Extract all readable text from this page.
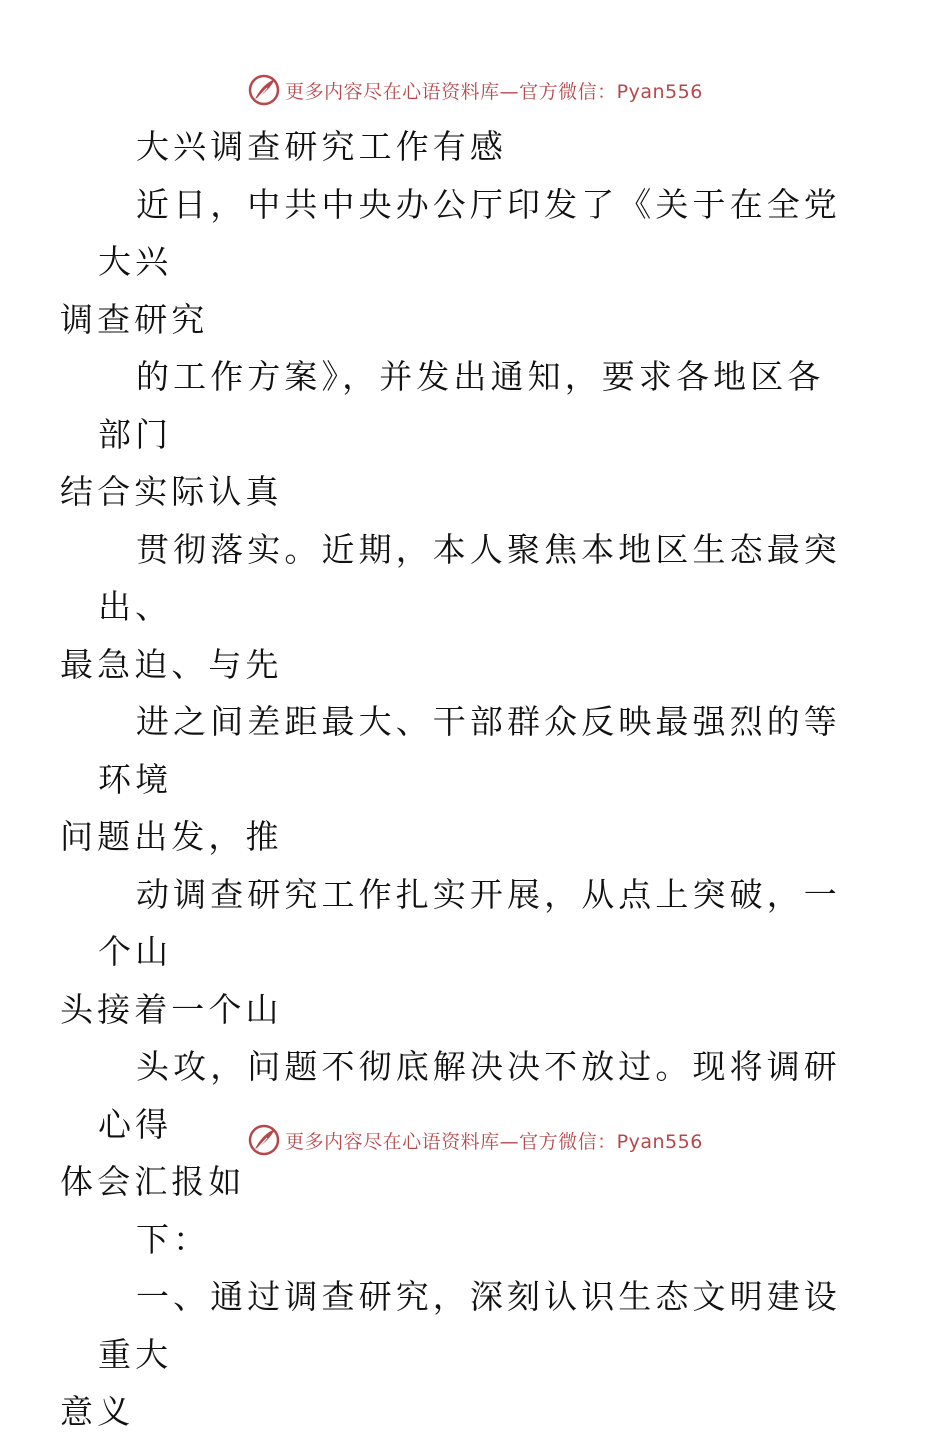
更多内容尽在心语资料库—官方微信：Pyan556

大兴调查研究工作有感

近日，中共中央办公厅印发了《关于在全党大兴
调查研究

的工作方案》，并发出通知，要求各地区各部门
结合实际认真

贯彻落实。近期，本人聚焦本地区生态最突出、
最急迫、与先

进之间差距最大、干部群众反映最强烈的等环境
问题出发，推

动调查研究工作扎实开展，从点上突破，一个山
头接着一个山

头攻，问题不彻底解决决不放过。现将调研心得
体会汇报如

下：

一、通过调查研究，深刻认识生态文明建设重大
意义

更多内容尽在心语资料库—官方微信：Pyan556
